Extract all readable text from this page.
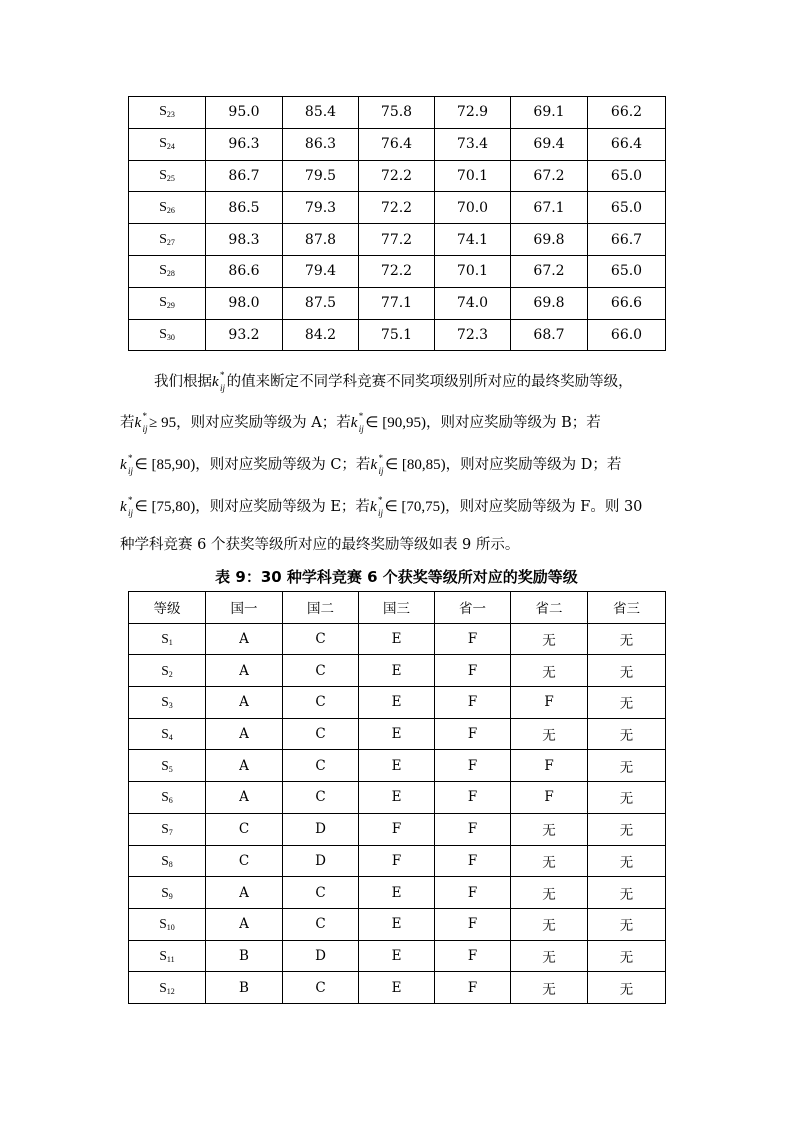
$S_{23}$	95.0	85.4	75.8	72.9	69.1	66.2
$S_{24}$	96.3	86.3	76.4	73.4	69.4	66.4
$S_{25}$	86.7	79.5	72.2	70.1	67.2	65.0
$S_{26}$	86.5	79.3	72.2	70.0	67.1	65.0
$S_{27}$	98.3	87.8	77.2	74.1	69.8	66.7
$S_{28}$	86.6	79.4	72.2	70.1	67.2	65.0
$S_{29}$	98.0	87.5	77.1	74.0	69.8	66.6
$S_{30}$	93.2	84.2	75.1	72.3	68.7	66.0
我们根据k *
ij 的值来断定不同学科竞赛不同奖项级别所对应的最终奖励等级，
若k *
ij ≥ 95，则对应奖励等级为 A；若k *
ij ∈ [90,95)，则对应奖励等级为 B；若
k *
ij ∈ [85,90)，则对应奖励等级为 C；若k *
ij ∈ [80,85)，则对应奖励等级为 D；若
k *
ij ∈ [75,80)，则对应奖励等级为 E；若k *
ij ∈ [70,75)，则对应奖励等级为 F。则 30
种学科竞赛 6 个获奖等级所对应的最终奖励等级如表 9 所示。
表 9：30 种学科竞赛 6 个获奖等级所对应的奖励等级
等级	国一	国二	国三	省一	省二	省三
$S_1$	A	C	E	F	无	无
$S_2$	A	C	E	F	无	无
$S_3$	A	C	E	F	F	无
$S_4$	A	C	E	F	无	无
$S_5$	A	C	E	F	F	无
$S_6$	A	C	E	F	F	无
$S_7$	C	D	F	F	无	无
$S_8$	C	D	F	F	无	无
$S_9$	A	C	E	F	无	无
$S_{10}$	A	C	E	F	无	无
$S_{11}$	B	D	E	F	无	无
$S_{12}$	B	C	E	F	无	无
